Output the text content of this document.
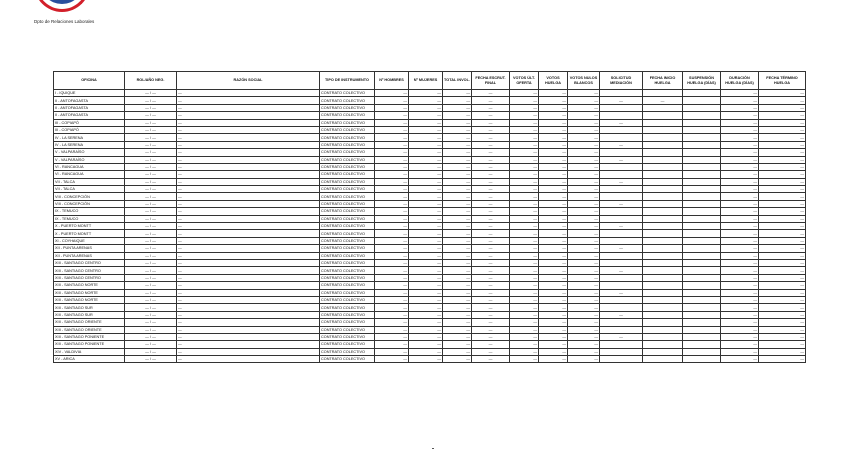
Dpto de Relaciones Laborales
OFICINA	ROL/AÑO NEG.	RAZÓN SOCIAL	TIPO DE INSTRUMENTO	Nº HOMBRES	Nº MUJERES	TOTAL INVOL.	FECHA ESCRUT. FINAL	VOTOS ÚLT. OFERTA	VOTOS HUELGA	VOTOS NULOS BLANCOS	SOLICITUD MEDIACIÓN	FECHA INICIO HUELGA	SUSPENSIÓN HUELGA (DÍAS)	DURACIÓN HUELGA (DÍAS)	FECHA TÉRMINO HUELGA
I - IQUIQUE	— / —	—	CONTRATO COLECTIVO	—	—	—	—	—	—	—				—	—
II - ANTOFAGASTA	— / —	—	CONTRATO COLECTIVO	—	—	—	—	—	—	—	—	—		—	—
II - ANTOFAGASTA	— / —	—	CONTRATO COLECTIVO	—	—	—	—	—	—	—				—	—
II - ANTOFAGASTA	— / —	—	CONTRATO COLECTIVO	—	—	—	—	—	—	—				—	—
III - COPIAPÓ	— / —	—	CONTRATO COLECTIVO	—	—	—	—	—	—	—	—			—	—
III - COPIAPÓ	— / —	—	CONTRATO COLECTIVO	—	—	—	—	—	—	—				—	—
IV - LA SERENA	— / —	—	CONTRATO COLECTIVO	—	—	—	—	—	—	—				—	—
IV - LA SERENA	— / —	—	CONTRATO COLECTIVO	—	—	—	—	—	—	—	—			—	—
V - VALPARAÍSO	— / —	—	CONTRATO COLECTIVO	—	—	—	—	—	—	—				—	—
V - VALPARAÍSO	— / —	—	CONTRATO COLECTIVO	—	—	—	—	—	—	—	—			—	—
VI - RANCAGUA	— / —	—	CONTRATO COLECTIVO	—	—	—	—	—	—	—				—	—
VI - RANCAGUA	— / —	—	CONTRATO COLECTIVO	—	—	—	—	—	—	—				—	—
VII - TALCA	— / —	—	CONTRATO COLECTIVO	—	—	—	—	—	—	—	—			—	—
VII - TALCA	— / —	—	CONTRATO COLECTIVO	—	—	—	—	—	—	—				—	—
VIII - CONCEPCIÓN	— / —	—	CONTRATO COLECTIVO	—	—	—	—	—	—	—				—	—
VIII - CONCEPCIÓN	— / —	—	CONTRATO COLECTIVO	—	—	—	—	—	—	—	—			—	—
IX - TEMUCO	— / —	—	CONTRATO COLECTIVO	—	—	—	—	—	—	—				—	—
IX - TEMUCO	— / —	—	CONTRATO COLECTIVO	—	—	—	—	—	—	—				—	—
X - PUERTO MONTT	— / —	—	CONTRATO COLECTIVO	—	—	—	—	—	—	—	—			—	—
X - PUERTO MONTT	— / —	—	CONTRATO COLECTIVO	—	—	—	—	—	—	—				—	—
XI - COYHAIQUE	— / —	—	CONTRATO COLECTIVO	—	—	—	—	—	—	—				—	—
XII - PUNTA ARENAS	— / —	—	CONTRATO COLECTIVO	—	—	—	—	—	—	—	—			—	—
XII - PUNTA ARENAS	— / —	—	CONTRATO COLECTIVO	—	—	—	—	—	—	—				—	—
XIII - SANTIAGO CENTRO	— / —	—	CONTRATO COLECTIVO	—	—	—	—	—	—	—				—	—
XIII - SANTIAGO CENTRO	— / —	—	CONTRATO COLECTIVO	—	—	—	—	—	—	—	—			—	—
XIII - SANTIAGO CENTRO	— / —	—	CONTRATO COLECTIVO	—	—	—	—	—	—	—				—	—
XIII - SANTIAGO NORTE	— / —	—	CONTRATO COLECTIVO	—	—	—	—	—	—	—				—	—
XIII - SANTIAGO NORTE	— / —	—	CONTRATO COLECTIVO	—	—	—	—	—	—	—	—			—	—
XIII - SANTIAGO NORTE	— / —	—	CONTRATO COLECTIVO	—	—	—	—	—	—	—				—	—
XIII - SANTIAGO SUR	— / —	—	CONTRATO COLECTIVO	—	—	—	—	—	—	—				—	—
XIII - SANTIAGO SUR	— / —	—	CONTRATO COLECTIVO	—	—	—	—	—	—	—	—			—	—
XIII - SANTIAGO ORIENTE	— / —	—	CONTRATO COLECTIVO	—	—	—	—	—	—	—				—	—
XIII - SANTIAGO ORIENTE	— / —	—	CONTRATO COLECTIVO	—	—	—	—	—	—	—				—	—
XIII - SANTIAGO PONIENTE	— / —	—	CONTRATO COLECTIVO	—	—	—	—	—	—	—	—			—	—
XIII - SANTIAGO PONIENTE	— / —	—	CONTRATO COLECTIVO	—	—	—	—	—	—	—				—	—
XIV - VALDIVIA	— / —	—	CONTRATO COLECTIVO	—	—	—	—	—	—	—				—	—
XV - ARICA	— / —	—	CONTRATO COLECTIVO	—	—	—	—	—	—	—				—	—
